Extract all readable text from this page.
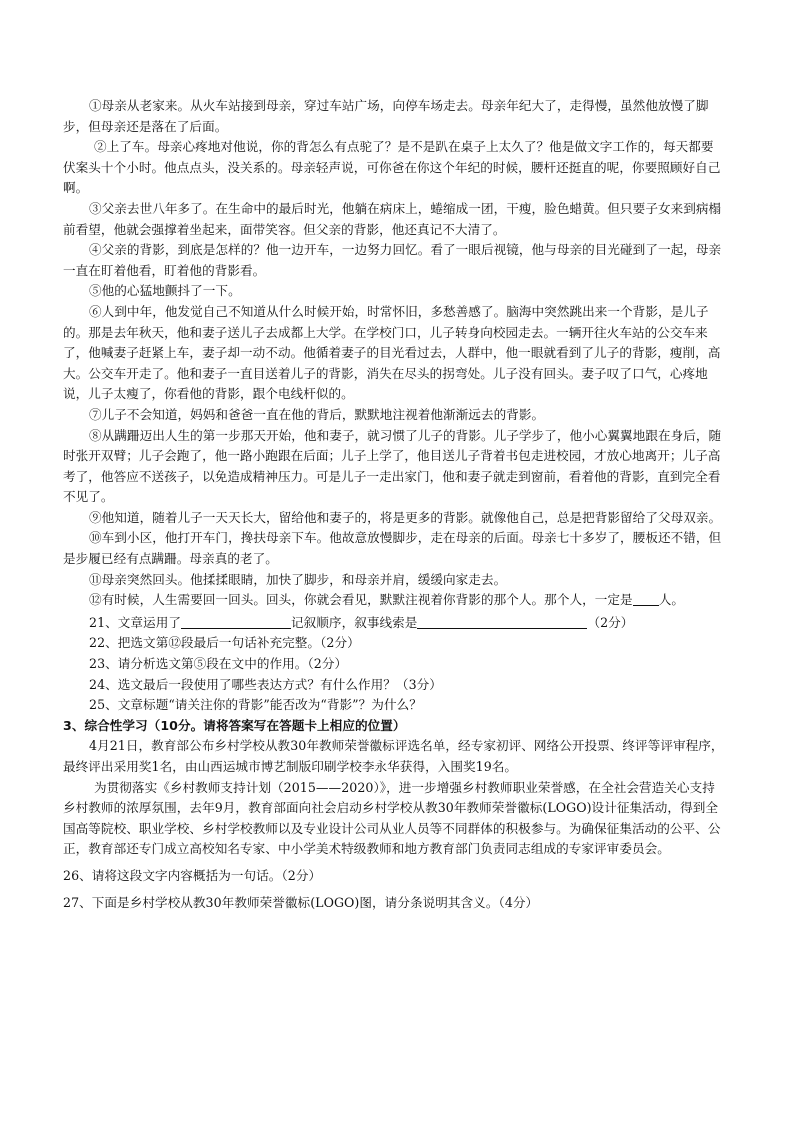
①母亲从老家来。从火车站接到母亲，穿过车站广场，向停车场走去。母亲年纪大了，走得慢，虽然他放慢了脚步，但母亲还是落在了后面。

②上了车。母亲心疼地对他说，你的背怎么有点驼了？是不是趴在桌子上太久了？他是做文字工作的，每天都要伏案头十个小时。他点点头，没关系的。母亲轻声说，可你爸在你这个年纪的时候，腰杆还挺直的呢，你要照顾好自己啊。

③父亲去世八年多了。在生命中的最后时光，他躺在病床上，蜷缩成一团，干瘦，脸色蜡黄。但只要子女来到病榻前看望，他就会强撑着坐起来，面带笑容。但父亲的背影，他还真记不大清了。

④父亲的背影，到底是怎样的？他一边开车，一边努力回忆。看了一眼后视镜，他与母亲的目光碰到了一起，母亲一直在盯着他看，盯着他的背影看。

⑤他的心猛地颤抖了一下。

⑥人到中年，他发觉自己不知道从什么时候开始，时常怀旧，多愁善感了。脑海中突然跳出来一个背影，是儿子的。那是去年秋天，他和妻子送儿子去成都上大学。在学校门口，儿子转身向校园走去。一辆开往火车站的公交车来了，他喊妻子赶紧上车，妻子却一动不动。他循着妻子的目光看过去，人群中，他一眼就看到了儿子的背影，瘦削，高大。公交车开走了。他和妻子一直目送着儿子的背影，消失在尽头的拐弯处。儿子没有回头。妻子叹了口气，心疼地说，儿子太瘦了，你看他的背影，跟个电线杆似的。

⑦儿子不会知道，妈妈和爸爸一直在他的背后，默默地注视着他渐渐远去的背影。

⑧从蹒跚迈出人生的第一步那天开始，他和妻子，就习惯了儿子的背影。儿子学步了，他小心翼翼地跟在身后，随时张开双臂；儿子会跑了，他一路小跑跟在后面；儿子上学了，他目送儿子背着书包走进校园，才放心地离开；儿子高考了，他答应不送孩子，以免造成精神压力。可是儿子一走出家门，他和妻子就走到窗前，看着他的背影，直到完全看不见了。

⑨他知道，随着儿子一天天长大，留给他和妻子的，将是更多的背影。就像他自己，总是把背影留给了父母双亲。

⑩车到小区，他打开车门，搀扶母亲下车。他故意放慢脚步，走在母亲的后面。母亲七十多岁了，腰板还不错，但是步履已经有点蹒跚。母亲真的老了。

⑪母亲突然回头。他揉揉眼睛，加快了脚步，和母亲并肩，缓缓向家走去。

⑫有时候，人生需要回一回头。回头，你就会看见，默默注视着你背影的那个人。那个人，一定是 人。

21、文章运用了	记叙顺序，叙事线索是	（2分）

22、把选文第⑫段最后一句话补充完整。（2分）

23、请分析选文第⑤段在文中的作用。（2分）

24、选文最后一段使用了哪些表达方式？有什么作用？（3分）

25、文章标题“请关注你的背影”能否改为“背影”？为什么？

3、综合性学习（10分。请将答案写在答题卡上相应的位置）

4月21日，教育部公布乡村学校从教30年教师荣誉徽标评选名单，经专家初评、网络公开投票、终评等评审程序，最终评出采用奖1名，由山西运城市博艺制版印刷学校李永华获得，入围奖19名。

为贯彻落实《乡村教师支持计划（2015——2020）》，进一步增强乡村教师职业荣誉感，在全社会营造关心支持乡村教师的浓厚氛围，去年9月，教育部面向社会启动乡村学校从教30年教师荣誉徽标(LOGO)设计征集活动，得到全国高等院校、职业学校、乡村学校教师以及专业设计公司从业人员等不同群体的积极参与。为确保征集活动的公平、公正，教育部还专门成立高校知名专家、中小学美术特级教师和地方教育部门负责同志组成的专家评审委员会。

26、请将这段文字内容概括为一句话。（2分）

27、下面是乡村学校从教30年教师荣誉徽标(LOGO)图，请分条说明其含义。（4分）
